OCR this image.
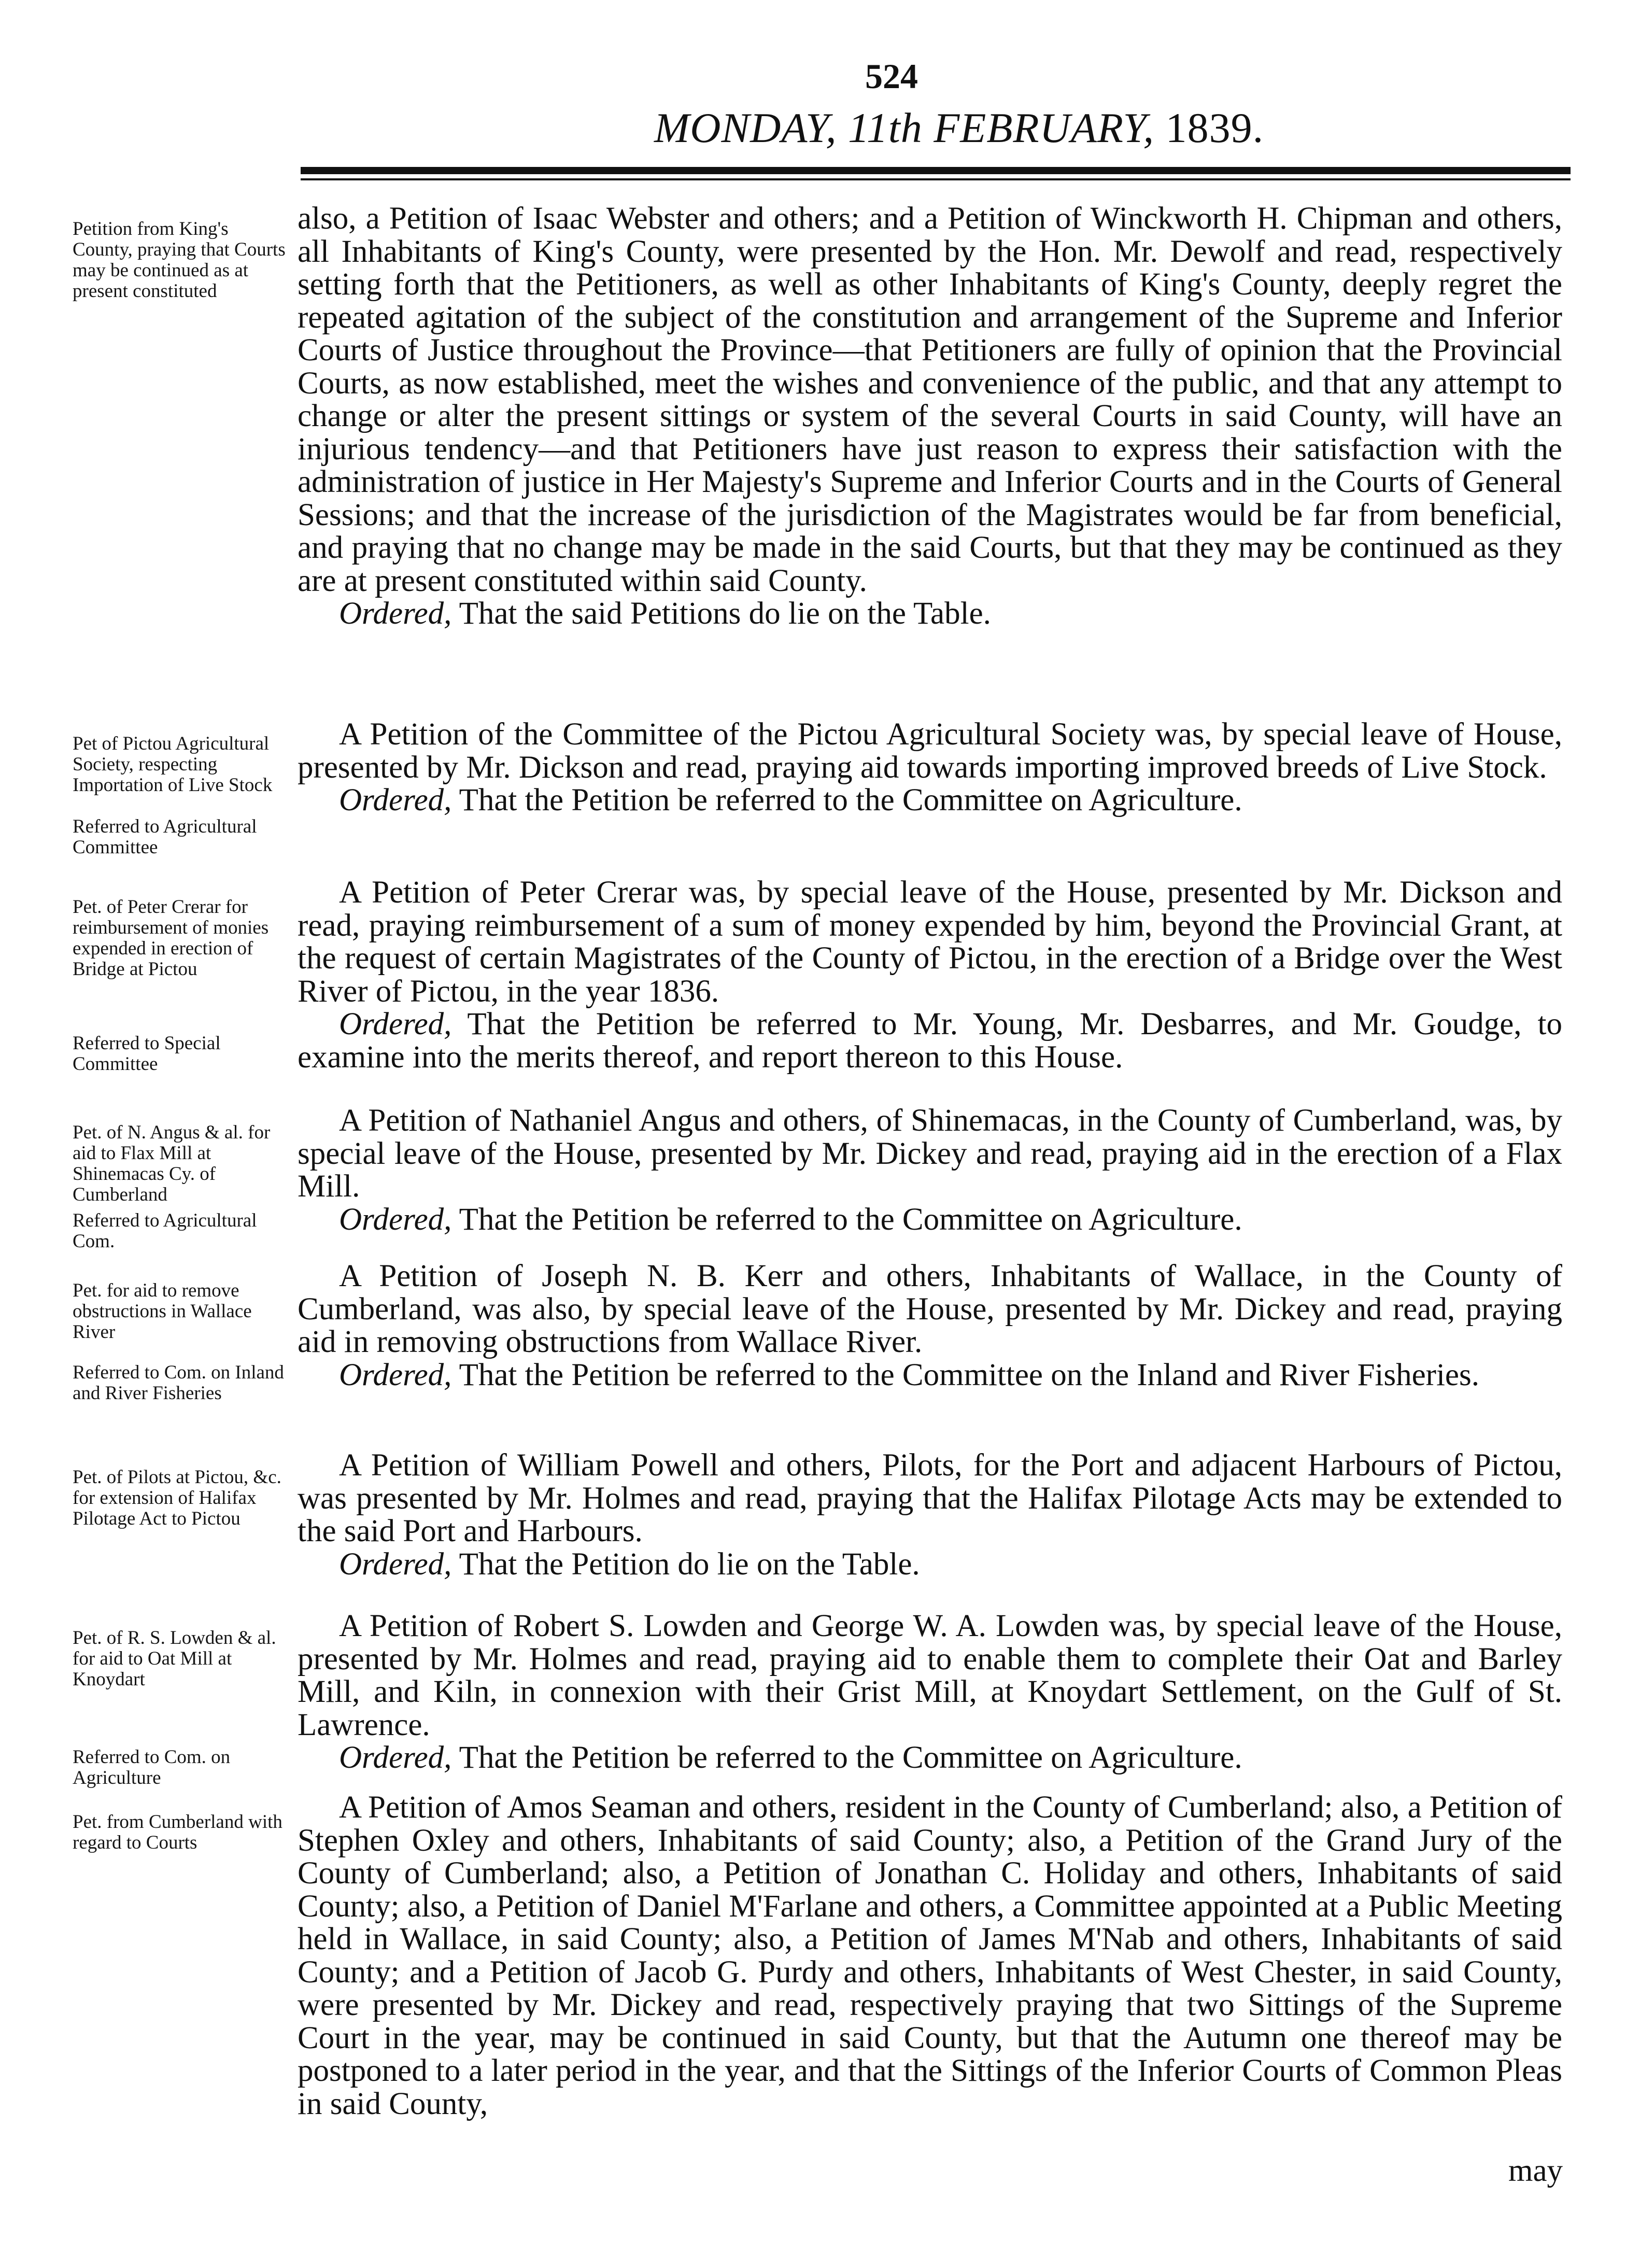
524
MONDAY, 11th FEBRUARY, 1839.
Petition from King's County, praying that Courts may be continued as at present constituted

also, a Petition of Isaac Webster and others; and a Petition of Winckworth H. Chipman and others, all Inhabitants of King's County, were presented by the Hon. Mr. Dewolf and read, respectively setting forth that the Petitioners, as well as other Inhabitants of King's County, deeply regret the repeated agitation of the subject of the constitution and arrangement of the Supreme and Inferior Courts of Justice throughout the Province—that Petitioners are fully of opinion that the Provincial Courts, as now established, meet the wishes and convenience of the public, and that any attempt to change or alter the present sittings or system of the several Courts in said County, will have an injurious tendency—and that Petitioners have just reason to express their satisfaction with the administration of justice in Her Majesty's Supreme and Inferior Courts and in the Courts of General Sessions; and that the increase of the jurisdiction of the Magistrates would be far from beneficial, and praying that no change may be made in the said Courts, but that they may be continued as they are at present constituted within said County.

Ordered, That the said Petitions do lie on the Table.

Pet of Pictou Agricultural Society, respecting Importation of Live Stock
Referred to Agricultural Committee

A Petition of the Committee of the Pictou Agricultural Society was, by special leave of House, presented by Mr. Dickson and read, praying aid towards importing improved breeds of Live Stock.

Ordered, That the Petition be referred to the Committee on Agriculture.

Pet. of Peter Crerar for reimbursement of monies expended in erection of Bridge at Pictou
Referred to Special Committee

A Petition of Peter Crerar was, by special leave of the House, presented by Mr. Dickson and read, praying reimbursement of a sum of money expended by him, beyond the Provincial Grant, at the request of certain Magistrates of the County of Pictou, in the erection of a Bridge over the West River of Pictou, in the year 1836.

Ordered, That the Petition be referred to Mr. Young, Mr. Desbarres, and Mr. Goudge, to examine into the merits thereof, and report thereon to this House.

Pet. of N. Angus & al. for aid to Flax Mill at Shinemacas Cy. of Cumberland
Referred to Agricultural Com.

A Petition of Nathaniel Angus and others, of Shinemacas, in the County of Cumberland, was, by special leave of the House, presented by Mr. Dickey and read, praying aid in the erection of a Flax Mill.

Ordered, That the Petition be referred to the Committee on Agriculture.

Pet. for aid to remove obstructions in Wallace River
Referred to Com. on Inland and River Fisheries

A Petition of Joseph N. B. Kerr and others, Inhabitants of Wallace, in the County of Cumberland, was also, by special leave of the House, presented by Mr. Dickey and read, praying aid in removing obstructions from Wallace River.

Ordered, That the Petition be referred to the Committee on the Inland and River Fisheries.

Pet. of Pilots at Pictou, &c. for extension of Halifax Pilotage Act to Pictou

A Petition of William Powell and others, Pilots, for the Port and adjacent Harbours of Pictou, was presented by Mr. Holmes and read, praying that the Halifax Pilotage Acts may be extended to the said Port and Harbours.

Ordered, That the Petition do lie on the Table.

Pet. of R. S. Lowden & al. for aid to Oat Mill at Knoydart
Referred to Com. on Agriculture

A Petition of Robert S. Lowden and George W. A. Lowden was, by special leave of the House, presented by Mr. Holmes and read, praying aid to enable them to complete their Oat and Barley Mill, and Kiln, in connexion with their Grist Mill, at Knoydart Settlement, on the Gulf of St. Lawrence.

Ordered, That the Petition be referred to the Committee on Agriculture.

Pet. from Cumberland with regard to Courts

A Petition of Amos Seaman and others, resident in the County of Cumberland; also, a Petition of Stephen Oxley and others, Inhabitants of said County; also, a Petition of the Grand Jury of the County of Cumberland; also, a Petition of Jonathan C. Holiday and others, Inhabitants of said County; also, a Petition of Daniel M'Farlane and others, a Committee appointed at a Public Meeting held in Wallace, in said County; also, a Petition of James M'Nab and others, Inhabitants of said County; and a Petition of Jacob G. Purdy and others, Inhabitants of West Chester, in said County, were presented by Mr. Dickey and read, respectively praying that two Sittings of the Supreme Court in the year, may be continued in said County, but that the Autumn one thereof may be postponed to a later period in the year, and that the Sittings of the Inferior Courts of Common Pleas in said County,

may
